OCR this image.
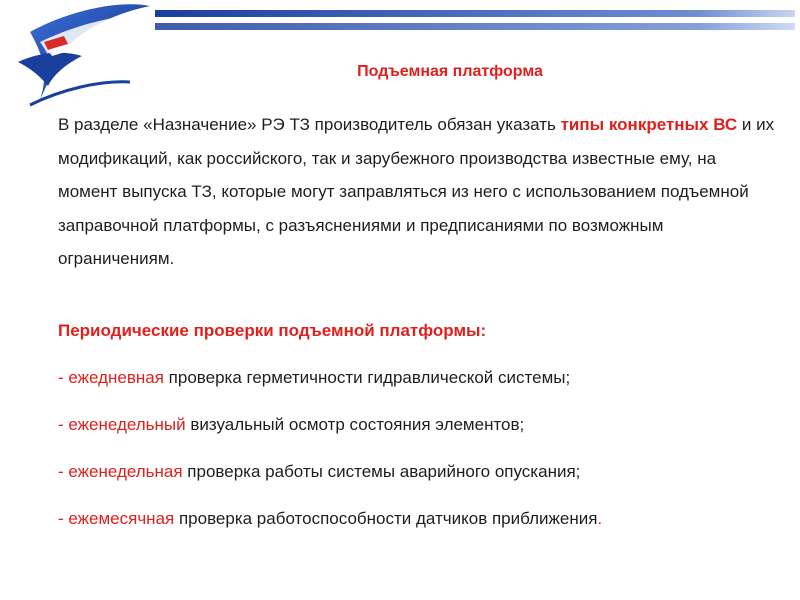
Подъемная платформа

В разделе «Назначение» РЭ ТЗ производитель обязан указать типы конкретных ВС и их модификаций, как российского, так и зарубежного производства известные ему, на момент выпуска ТЗ, которые могут заправляться из него с использованием подъемной заправочной платформы, с разъяснениями и предписаниями по возможным ограничениям.

Периодические проверки подъемной платформы:

- ежедневная проверка герметичности гидравлической системы;

- еженедельный визуальный осмотр состояния элементов;

- еженедельная проверка работы системы аварийного опускания;

- ежемесячная проверка работоспособности датчиков приближения.
